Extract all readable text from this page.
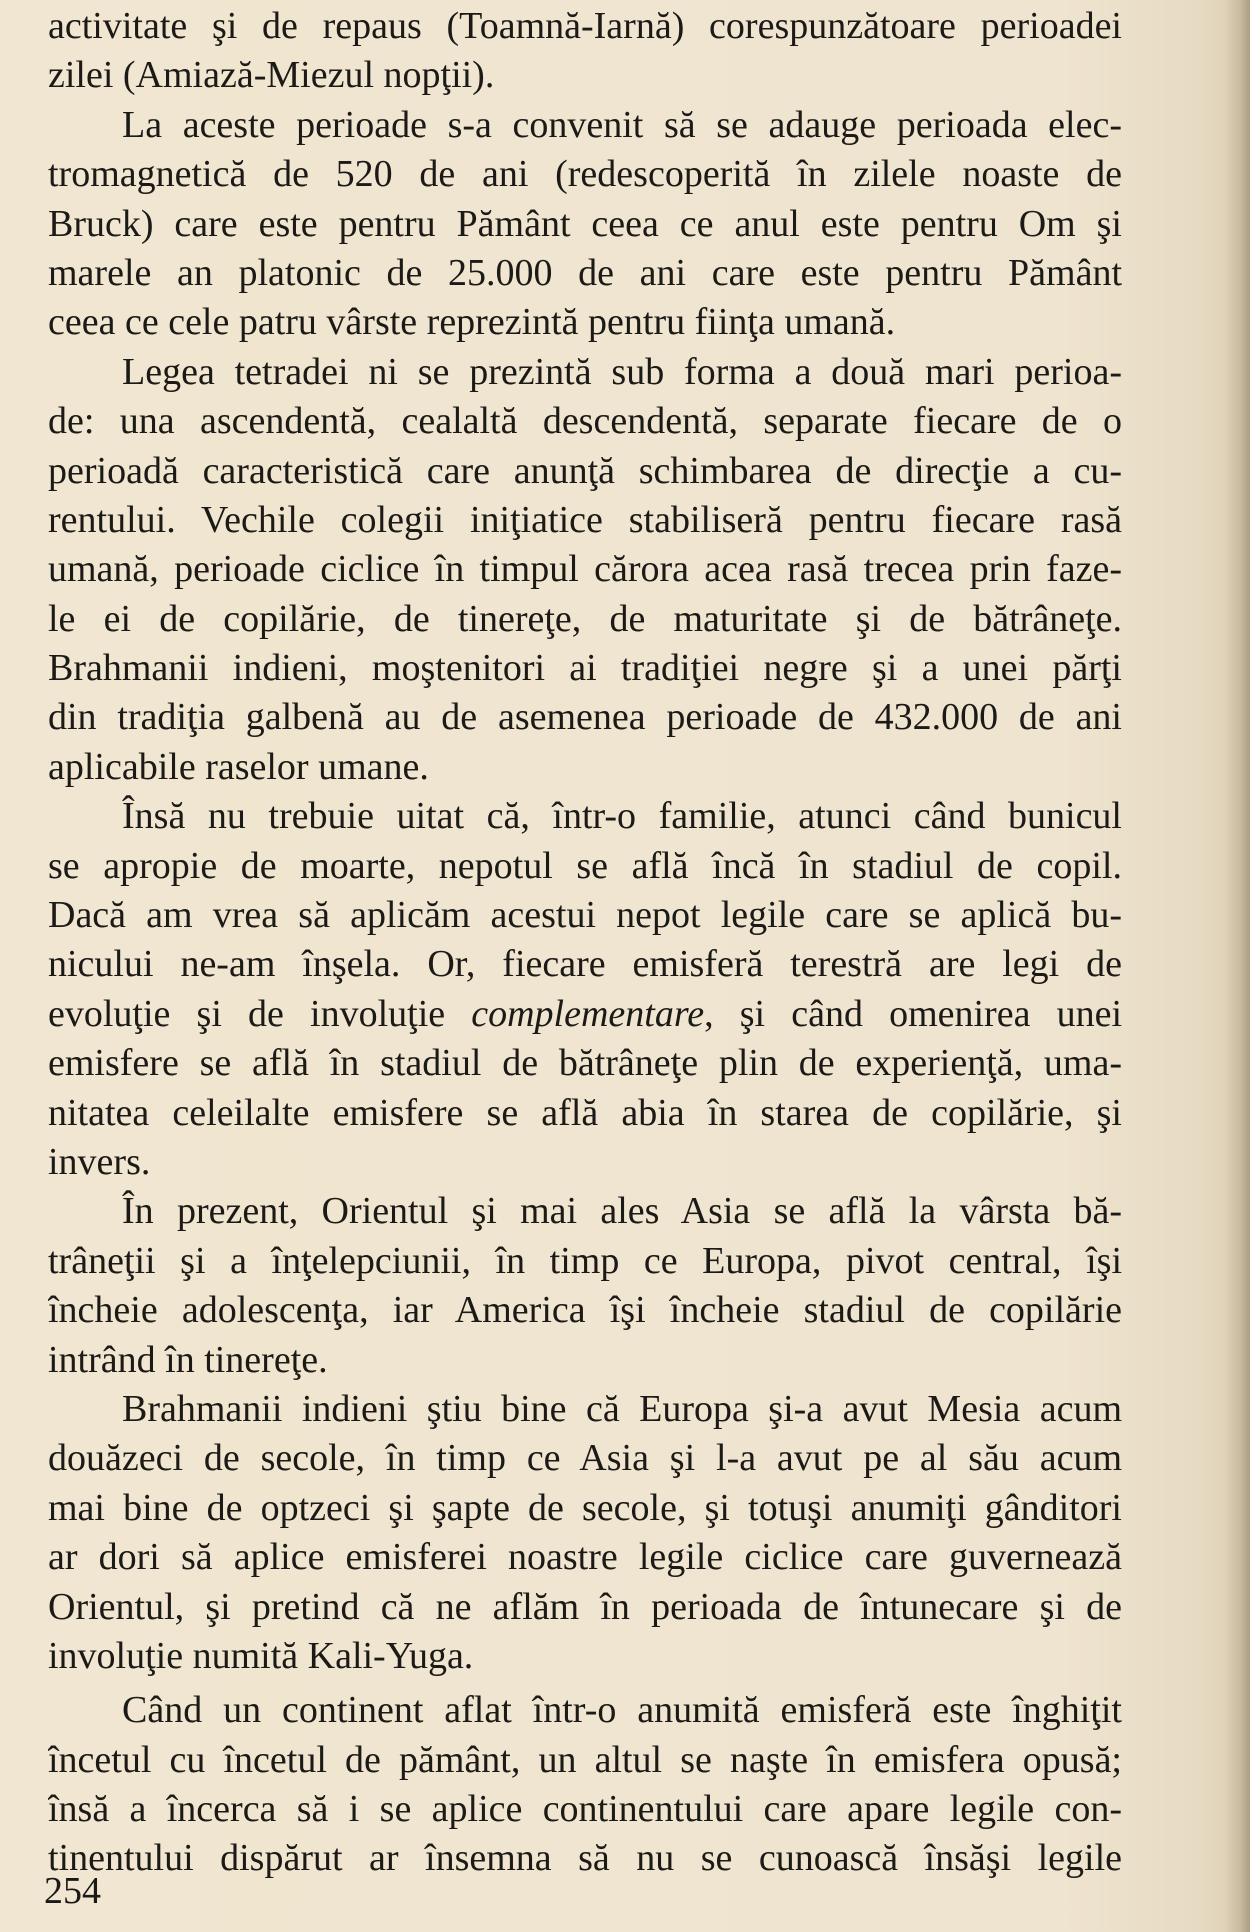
activitate şi de repaus (Toamnă-Iarnă) corespunzătoare perioadei
zilei (Amiază-Miezul nopţii).
La aceste perioade s-a convenit să se adauge perioada elec-
tromagnetică de 520 de ani (redescoperită în zilele noaste de
Bruck) care este pentru Pământ ceea ce anul este pentru Om şi
marele an platonic de 25.000 de ani care este pentru Pământ
ceea ce cele patru vârste reprezintă pentru fiinţa umană.
Legea tetradei ni se prezintă sub forma a două mari perioa-
de: una ascendentă, cealaltă descendentă, separate fiecare de o
perioadă caracteristică care anunţă schimbarea de direcţie a cu-
rentului. Vechile colegii iniţiatice stabiliseră pentru fiecare rasă
umană, perioade ciclice în timpul cărora acea rasă trecea prin faze-
le ei de copilărie, de tinereţe, de maturitate şi de bătrâneţe.
Brahmanii indieni, moştenitori ai tradiţiei negre şi a unei părţi
din tradiţia galbenă au de asemenea perioade de 432.000 de ani
aplicabile raselor umane.
Însă nu trebuie uitat că, într-o familie, atunci când bunicul
se apropie de moarte, nepotul se află încă în stadiul de copil.
Dacă am vrea să aplicăm acestui nepot legile care se aplică bu-
nicului ne-am înşela. Or, fiecare emisferă terestră are legi de
evoluţie şi de involuţie complementare, şi când omenirea unei
emisfere se află în stadiul de bătrâneţe plin de experienţă, uma-
nitatea celeilalte emisfere se află abia în starea de copilărie, şi
invers.
În prezent, Orientul şi mai ales Asia se află la vârsta bă-
trâneţii şi a înţelepciunii, în timp ce Europa, pivot central, îşi
încheie adolescenţa, iar America îşi încheie stadiul de copilărie
intrând în tinereţe.
Brahmanii indieni ştiu bine că Europa şi-a avut Mesia acum
douăzeci de secole, în timp ce Asia şi l-a avut pe al său acum
mai bine de optzeci şi şapte de secole, şi totuşi anumiţi gânditori
ar dori să aplice emisferei noastre legile ciclice care guvernează
Orientul, şi pretind că ne aflăm în perioada de întunecare şi de
involuţie numită Kali-Yuga.
Când un continent aflat într-o anumită emisferă este înghiţit
încetul cu încetul de pământ, un altul se naşte în emisfera opusă;
însă a încerca să i se aplice continentului care apare legile con-
tinentului dispărut ar însemna să nu se cunoască însăşi legile
254
